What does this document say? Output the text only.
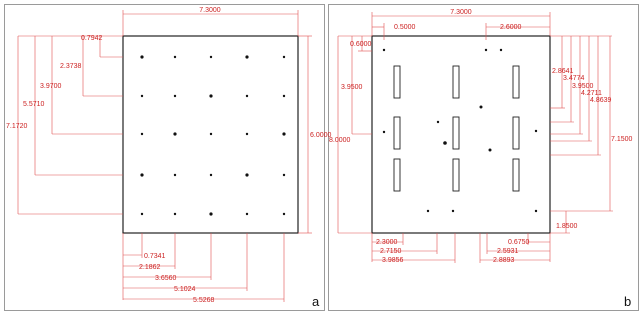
7.3000
6.0000
0.7942
2.3738
3.9700
5.5710
7.1720
0.7341
2.1862
3.6560
5.1024
5.5268	a
7.3000
0.5000	2.6000
0.6000
3.9500
8.0000
2.8641
3.4774
3.9500
4.2711
4.8639
7.1500
1.8500
2.3000
2.7150
3.9856
0.6750
2.5931
2.8893
b
